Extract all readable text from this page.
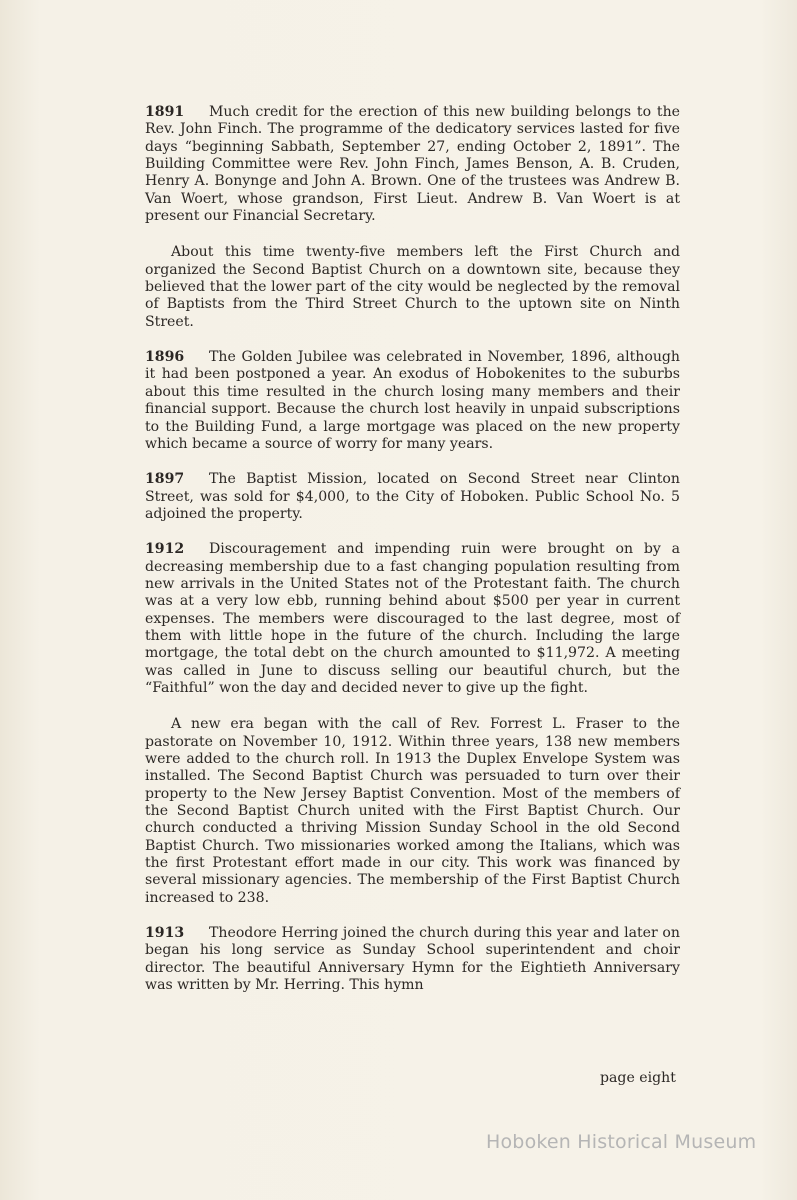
1891 Much credit for the erection of this new building belongs to the Rev. John Finch. The programme of the dedicatory services lasted for five days “beginning Sabbath, September 27, ending October 2, 1891”. The Building Committee were Rev. John Finch, James Benson, A. B. Cruden, Henry A. Bonynge and John A. Brown. One of the trustees was Andrew B. Van Woert, whose grandson, First Lieut. Andrew B. Van Woert is at present our Financial Secretary.

About this time twenty-five members left the First Church and organized the Second Baptist Church on a downtown site, because they believed that the lower part of the city would be neglected by the removal of Baptists from the Third Street Church to the uptown site on Ninth Street.

1896 The Golden Jubilee was celebrated in November, 1896, although it had been postponed a year. An exodus of Hobokenites to the suburbs about this time resulted in the church losing many members and their financial support. Because the church lost heavily in unpaid subscriptions to the Building Fund, a large mortgage was placed on the new property which became a source of worry for many years.

1897 The Baptist Mission, located on Second Street near Clinton Street, was sold for $4,000, to the City of Hoboken. Public School No. 5 adjoined the property.

1912 Discouragement and impending ruin were brought on by a decreasing membership due to a fast changing population resulting from new arrivals in the United States not of the Protestant faith. The church was at a very low ebb, running behind about $500 per year in current expenses. The members were discouraged to the last degree, most of them with little hope in the future of the church. Including the large mortgage, the total debt on the church amounted to $11,972. A meeting was called in June to discuss selling our beautiful church, but the “Faithful” won the day and decided never to give up the fight.

A new era began with the call of Rev. Forrest L. Fraser to the pastorate on November 10, 1912. Within three years, 138 new members were added to the church roll. In 1913 the Duplex Envelope System was installed. The Second Baptist Church was persuaded to turn over their property to the New Jersey Baptist Convention. Most of the members of the Second Baptist Church united with the First Baptist Church. Our church conducted a thriving Mission Sunday School in the old Second Baptist Church. Two missionaries worked among the Italians, which was the first Protestant effort made in our city. This work was financed by several missionary agencies. The membership of the First Baptist Church increased to 238.

1913 Theodore Herring joined the church during this year and later on began his long service as Sunday School superintendent and choir director. The beautiful Anniversary Hymn for the Eightieth Anniversary was written by Mr. Herring. This hymn

page eight
Hoboken Historical Museum
